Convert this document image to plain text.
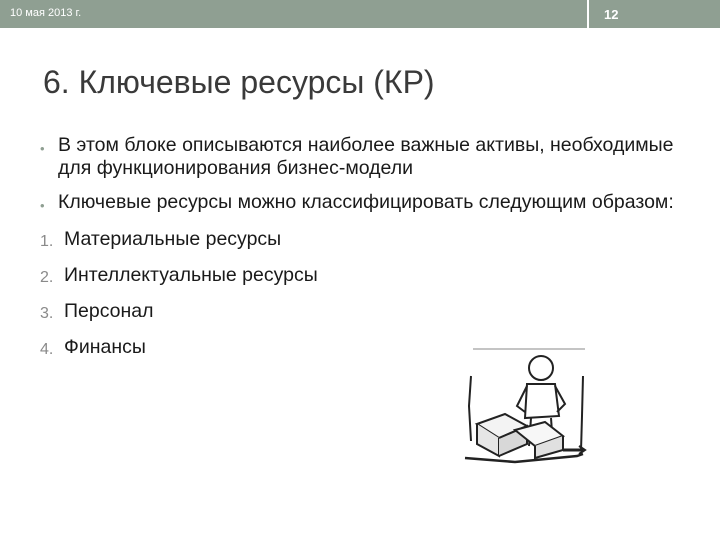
10 мая 2013 г.	12
6. Ключевые ресурсы (КР)
• В этом блоке описываются наиболее важные активы, необходимые для функционирования бизнес-модели
• Ключевые ресурсы можно классифицировать следующим образом:
1. Материальные ресурсы
2. Интеллектуальные ресурсы
3. Персонал
4. Финансы
